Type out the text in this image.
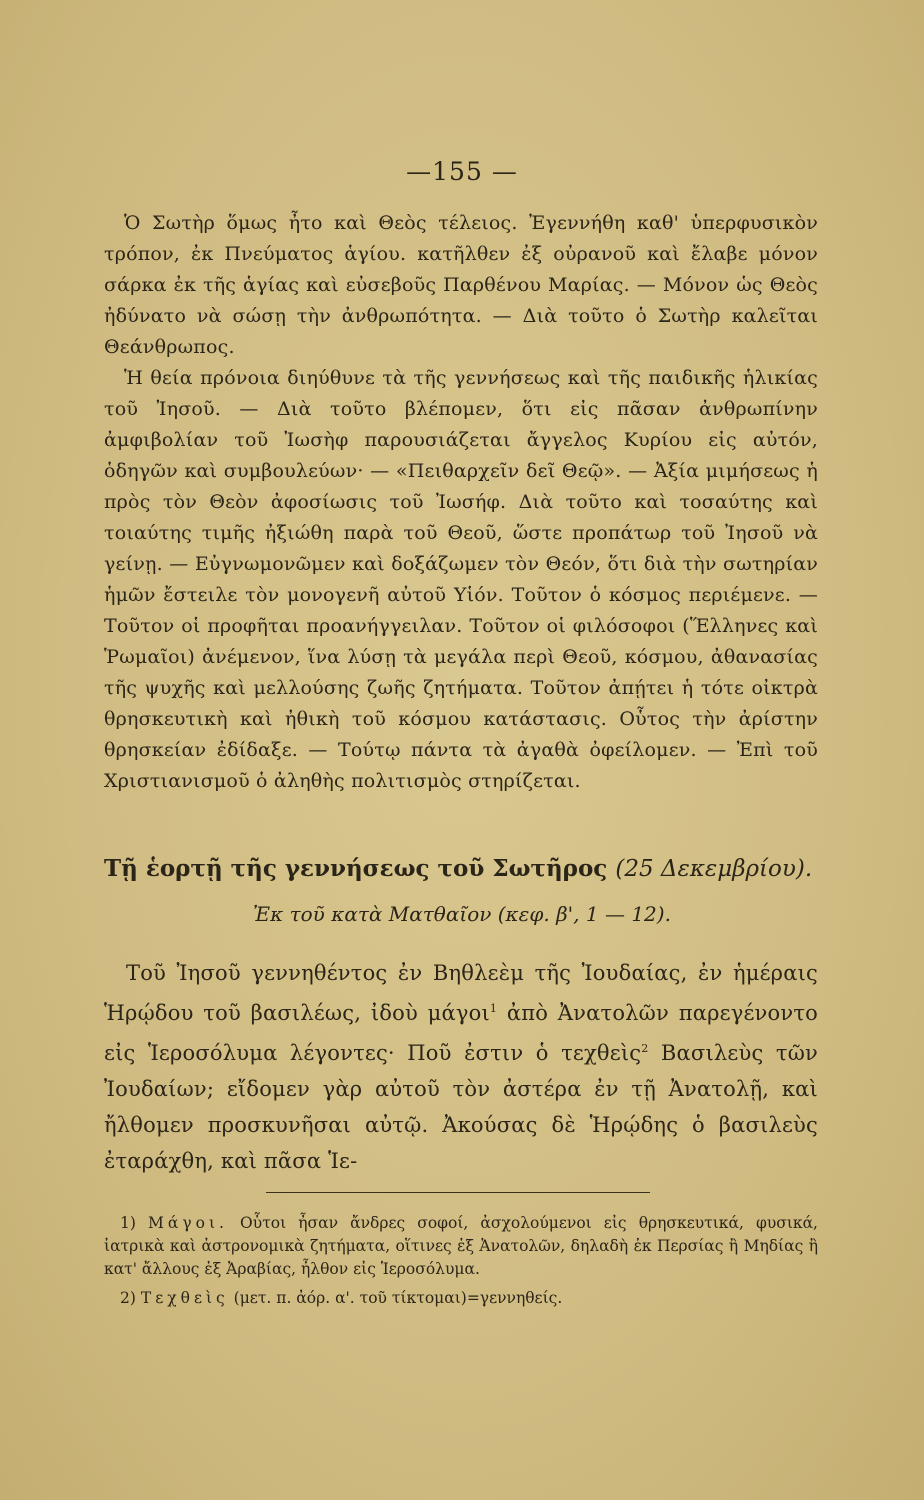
—155 —

Ὁ Σωτὴρ ὅμως ἦτο καὶ Θεὸς τέλειος. Ἐγεννήθη καθ' ὑπερφυσικὸν τρόπον, ἐκ Πνεύματος ἁγίου. κατῆλθεν ἐξ οὐρανοῦ καὶ ἔλαβε μόνον σάρκα ἐκ τῆς ἁγίας καὶ εὐσεβοῦς Παρθένου Μαρίας. — Μόνον ὡς Θεὸς ἠδύνατο νὰ σώσῃ τὴν ἀνθρωπότητα. — Διὰ τοῦτο ὁ Σωτὴρ καλεῖται Θεάνθρωπος.

Ἡ θεία πρόνοια διηύθυνε τὰ τῆς γεννήσεως καὶ τῆς παιδικῆς ἡλικίας τοῦ Ἰησοῦ. — Διὰ τοῦτο βλέπομεν, ὅτι εἰς πᾶσαν ἀνθρωπίνην ἀμφιβολίαν τοῦ Ἰωσὴφ παρουσιάζεται ἄγγελος Κυρίου εἰς αὐτόν, ὁδηγῶν καὶ συμβουλεύων· — «Πειθαρχεῖν δεῖ Θεῷ». — Ἀξία μιμήσεως ἡ πρὸς τὸν Θεὸν ἀφοσίωσις τοῦ Ἰωσήφ. Διὰ τοῦτο καὶ τοσαύτης καὶ τοιαύτης τιμῆς ἠξιώθη παρὰ τοῦ Θεοῦ, ὥστε προπάτωρ τοῦ Ἰησοῦ νὰ γείνῃ. — Εὐγνωμονῶμεν καὶ δοξάζωμεν τὸν Θεόν, ὅτι διὰ τὴν σωτηρίαν ἡμῶν ἔστειλε τὸν μονογενῆ αὐτοῦ Υἱόν. Τοῦτον ὁ κόσμος περιέμενε. — Τοῦτον οἱ προφῆται προανήγγειλαν. Τοῦτον οἱ φιλόσοφοι (Ἕλληνες καὶ Ῥωμαῖοι) ἀνέμενον, ἵνα λύσῃ τὰ μεγάλα περὶ Θεοῦ, κόσμου, ἀθανασίας τῆς ψυχῆς καὶ μελλούσης ζωῆς ζητήματα. Τοῦτον ἀπῄτει ἡ τότε οἰκτρὰ θρησκευτικὴ καὶ ἠθικὴ τοῦ κόσμου κατάστασις. Οὗτος τὴν ἀρίστην θρησκείαν ἐδίδαξε. — Τούτῳ πάντα τὰ ἀγαθὰ ὀφείλομεν. — Ἐπὶ τοῦ Χριστιανισμοῦ ὁ ἀληθὴς πολιτισμὸς στηρίζεται.

Τῇ ἑορτῇ τῆς γεννήσεως τοῦ Σωτῆρος (25 Δεκεμβρίου).
Ἐκ τοῦ κατὰ Ματθαῖον (κεφ. β', 1 — 12).

Τοῦ Ἰησοῦ γεννηθέντος ἐν Βηθλεὲμ τῆς Ἰουδαίας, ἐν ἡμέραις Ἡρῴδου τοῦ βασιλέως, ἰδοὺ μάγοι$^1$ ἀπὸ Ἀνατολῶν παρεγένοντο εἰς Ἱεροσόλυμα λέγοντες· Ποῦ ἐστιν ὁ τεχθεὶς$^2$ Βασιλεὺς τῶν Ἰουδαίων; εἴδομεν γὰρ αὐτοῦ τὸν ἀστέρα ἐν τῇ Ἀνατολῇ, καὶ ἤλθομεν προσκυνῆσαι αὐτῷ. Ἀκούσας δὲ Ἡρῴδης ὁ βασιλεὺς ἐταράχθη, καὶ πᾶσα Ἱε-

1) Μάγοι. Οὗτοι ἦσαν ἄνδρες σοφοί, ἀσχολούμενοι εἰς θρησκευτικά, φυσικά, ἰατρικὰ καὶ ἀστρονομικὰ ζητήματα, οἵτινες ἐξ Ἀνατολῶν, δηλαδὴ ἐκ Περσίας ἢ Μηδίας ἢ κατ' ἄλλους ἐξ Ἀραβίας, ἦλθον εἰς Ἱεροσόλυμα.

2) Τεχθεὶς (μετ. π. ἀόρ. α'. τοῦ τίκτομαι)=γεννηθείς.
